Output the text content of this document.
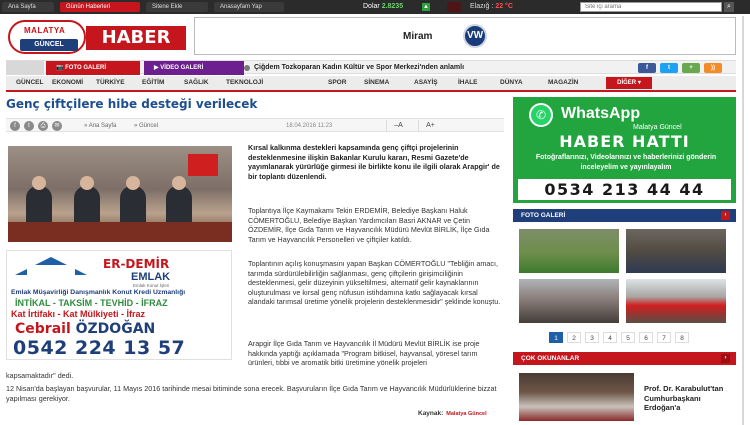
Ana Sayfa	Günün Haberleri	Sitene Ekle	Anasayfam Yap	Dolar 2.8235	▲	Elazığ : 22 °C
Site içi arama	⌕
MALATYA
GÜNCEL	HABER	Miram	VW
📷 FOTO GALERİ	▶ VİDEO GALERİ	Çiğdem Tozkoparan Kadın Kültür ve Spor Merkezi'nden anlamlı	f	t	+	))
GÜNCEL EKONOMİ TÜRKİYE	EĞİTİM	SAĞLIK	TEKNOLOJİ	SPOR	SİNEMA	ASAYİŞ	İHALE	DÜNYA	MAGAZİN	DİĞER ▾
Genç çiftçilere hibe desteği verilecek
f	t	⎙	✉	» Ana Sayfa	» Güncel	18.04.2016 11:23	‒A	A+

Kırsal kalkınma destekleri kapsamında genç çiftçi projelerinin desteklenmesine ilişkin Bakanlar Kurulu kararı, Resmi Gazete'de yayımlanarak yürürlüğe girmesi ile birlikte konu ile ilgili olarak Arapgir' de bir toplantı düzenlendi.

Toplantıya İlçe Kaymakamı Tekin ERDEMİR, Belediye Başkanı Haluk CÖMERTOĞLU, Belediye Başkan Yardımcıları Basri AKNAR ve Çetin ÖZDEMİR, İlçe Gıda Tarım ve Hayvancılık Müdürü Mevlüt BİRLİK, İlçe Gıda Tarım ve Hayvancılık Personelleri ve çiftçiler katıldı.

Toplantının açılış konuşmasını yapan Başkan CÖMERTOĞLU "Tebliğin amacı, tarımda sürdürülebilirliğin sağlanması, genç çiftçilerin girişimciliğinin desteklenmesi, gelir düzeyinin yükseltilmesi, alternatif gelir kaynaklarının oluşturulması ve kırsal genç nüfusun istihdamına katkı sağlayacak kırsal alandaki tarımsal üretime yönelik projelerin desteklenmesidir" şeklinde konuştu.

Arapgir İlçe Gıda Tarım ve Hayvancılık İl Müdürü Mevlüt BİRLİK ise proje hakkında yaptığı açıklamada "Program bitkisel, hayvansal, yöresel tarım ürünleri, tıbbi ve aromatik bitki üretimine yönelik projeleri

kapsamaktadır" dedi.

12 Nisan'da başlayan başvurular, 11 Mayıs 2016 tarihinde mesai bitiminde sona erecek. Başvuruların İlçe Gıda Tarım ve Hayvancılık Müdürlüklerine bizzat yapılması gerekiyor.

Kaynak: Malatya Güncel
ER-DEMİR
EMLAK
Emlak Konut İşleri
Emlak Müşavirliği Danışmanlık Konut Kredi Uzmanlığı
İNTİKAL - TAKSİM - TEVHİD - İFRAZ
Kat İrtifakı - Kat Mülkiyeti - İfraz
Cebrail ÖZDOĞAN
0542 224 13 57
✆ WhatsApp
Malatya Güncel
HABER HATTI
Fotoğraflarınızı, Videolarınızı ve haberlerinizi gönderin inceleyelim ve yayınlayalım
0534 213 44 44
FOTO GALERİ	›
1	2	3	4	5	6	7	8
ÇOK OKUNANLAR	›

Prof. Dr. Karabulut'tan Cumhurbaşkanı Erdoğan'a
